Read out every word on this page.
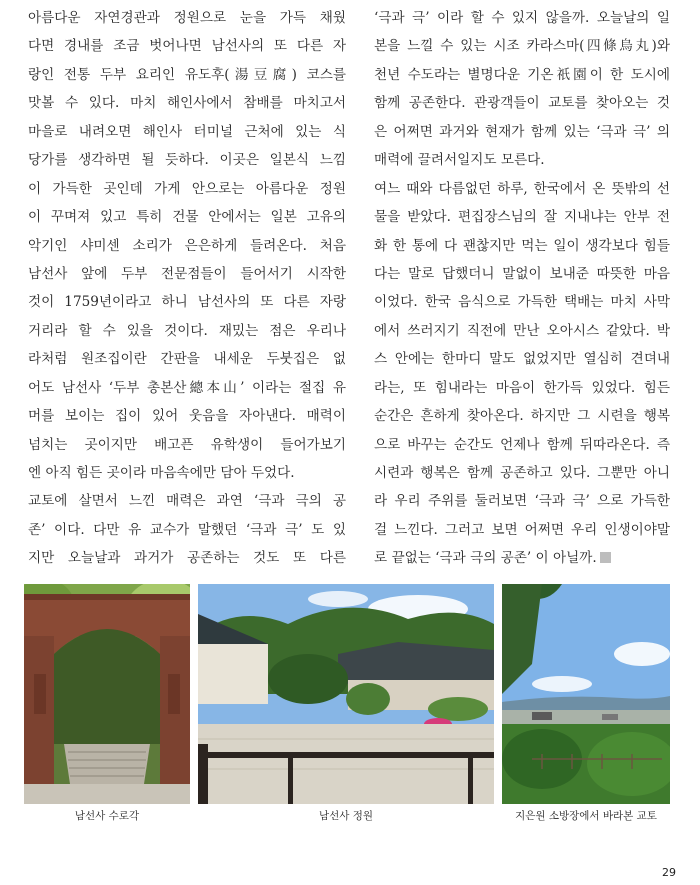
아름다운 자연경관과 정원으로 눈을 가득 채웠
다면 경내를 조금 벗어나면 남선사의 또 다른 자
랑인 전통 두부 요리인 유도후(湯豆腐) 코스를
맛볼 수 있다. 마치 해인사에서 참배를 마치고서
마을로 내려오면 해인사 터미널 근처에 있는 식
당가를 생각하면 될 듯하다. 이곳은 일본식 느낌
이 가득한 곳인데 가게 안으로는 아름다운 정원
이 꾸며져 있고 특히 건물 안에서는 일본 고유의
악기인 샤미센 소리가 은은하게 들려온다. 처음
남선사 앞에 두부 전문점들이 들어서기 시작한
것이 1759년이라고 하니 남선사의 또 다른 자랑
거리라 할 수 있을 것이다. 재밌는 점은 우리나
라처럼 원조집이란 간판을 내세운 두붓집은 없
어도 남선사 ‘두부 총본산總本山’ 이라는 절집 유
머를 보이는 집이 있어 웃음을 자아낸다. 매력이
넘치는 곳이지만 배고픈 유학생이 들어가보기
엔 아직 힘든 곳이라 마음속에만 담아 두었다.
교토에 살면서 느낀 매력은 과연 ‘극과 극의 공
존’ 이다. 다만 유 교수가 말했던 ‘극과 극’ 도 있
지만 오늘날과 과거가 공존하는 것도 또 다른
‘극과 극’ 이라 할 수 있지 않을까. 오늘날의 일
본을 느낄 수 있는 시조 카라스마(四條烏丸)와
천년 수도라는 별명다운 기온祇園이 한 도시에
함께 공존한다. 관광객들이 교토를 찾아오는 것
은 어쩌면 과거와 현재가 함께 있는 ‘극과 극’ 의
매력에 끌려서일지도 모른다.
여느 때와 다름없던 하루, 한국에서 온 뜻밖의 선
물을 받았다. 편집장스님의 잘 지내냐는 안부 전
화 한 통에 다 괜찮지만 먹는 일이 생각보다 힘들
다는 말로 답했더니 말없이 보내준 따뜻한 마음
이었다. 한국 음식으로 가득한 택배는 마치 사막
에서 쓰러지기 직전에 만난 오아시스 같았다. 박
스 안에는 한마디 말도 없었지만 열심히 견뎌내
라는, 또 힘내라는 마음이 한가득 있었다. 힘든
순간은 흔하게 찾아온다. 하지만 그 시련을 행복
으로 바꾸는 순간도 언제나 함께 뒤따라온다. 즉
시련과 행복은 함께 공존하고 있다. 그뿐만 아니
라 우리 주위를 둘러보면 ‘극과 극’ 으로 가득한
걸 느낀다. 그러고 보면 어쩌면 우리 인생이야말
로 끝없는 ‘극과 극의 공존’ 이 아닐까.
남선사 수로각	남선사 정원	지은원 소방장에서 바라본 교토
29
